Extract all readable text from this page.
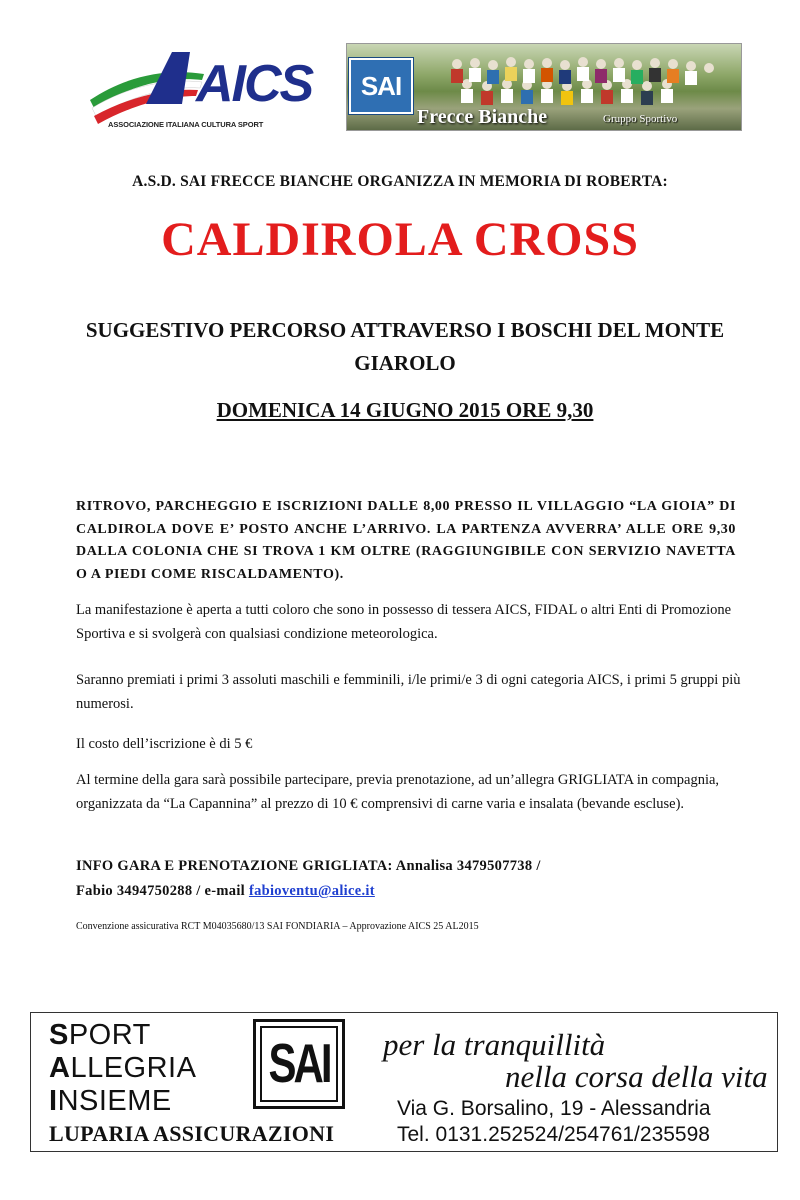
AICS
ASSOCIAZIONE ITALIANA CULTURA SPORT
SAI
Frecce Bianche	Gruppo Sportivo
A.S.D. SAI FRECCE BIANCHE ORGANIZZA IN MEMORIA DI ROBERTA:
CALDIROLA CROSS
SUGGESTIVO PERCORSO ATTRAVERSO I BOSCHI DEL MONTE GIAROLO
DOMENICA 14 GIUGNO 2015 ORE 9,30
RITROVO, PARCHEGGIO E ISCRIZIONI DALLE 8,00 PRESSO IL VILLAGGIO “LA GIOIA” DI CALDIROLA DOVE E’ POSTO ANCHE L’ARRIVO. LA PARTENZA AVVERRA’ ALLE ORE 9,30 DALLA COLONIA CHE SI TROVA 1 KM OLTRE (RAGGIUNGIBILE CON SERVIZIO NAVETTA O A PIEDI COME RISCALDAMENTO).
La manifestazione è aperta a tutti coloro che sono in possesso di tessera AICS, FIDAL o altri Enti di Promozione Sportiva e si svolgerà con qualsiasi condizione meteorologica.
Saranno premiati i primi 3 assoluti maschili e femminili, i/le primi/e 3 di ogni categoria AICS, i primi 5 gruppi più numerosi.
Il costo dell’iscrizione è di 5 €
Al termine della gara sarà possibile partecipare, previa prenotazione, ad un’allegra GRIGLIATA in compagnia, organizzata da “La Capannina” al prezzo di 10 € comprensivi di carne varia e insalata (bevande escluse).
INFO GARA E PRENOTAZIONE GRIGLIATA: Annalisa 3479507738 /
Fabio 3494750288 / e-mail fabioventu@alice.it
Convenzione assicurativa RCT M04035680/13 SAI FONDIARIA – Approvazione AICS 25 AL2015
SPORT
ALLEGRIA
INSIEME
SAI
LUPARIA ASSICURAZIONI
per la tranquillità
nella corsa della vita
Via G. Borsalino, 19 - Alessandria
Tel. 0131.252524/254761/235598
